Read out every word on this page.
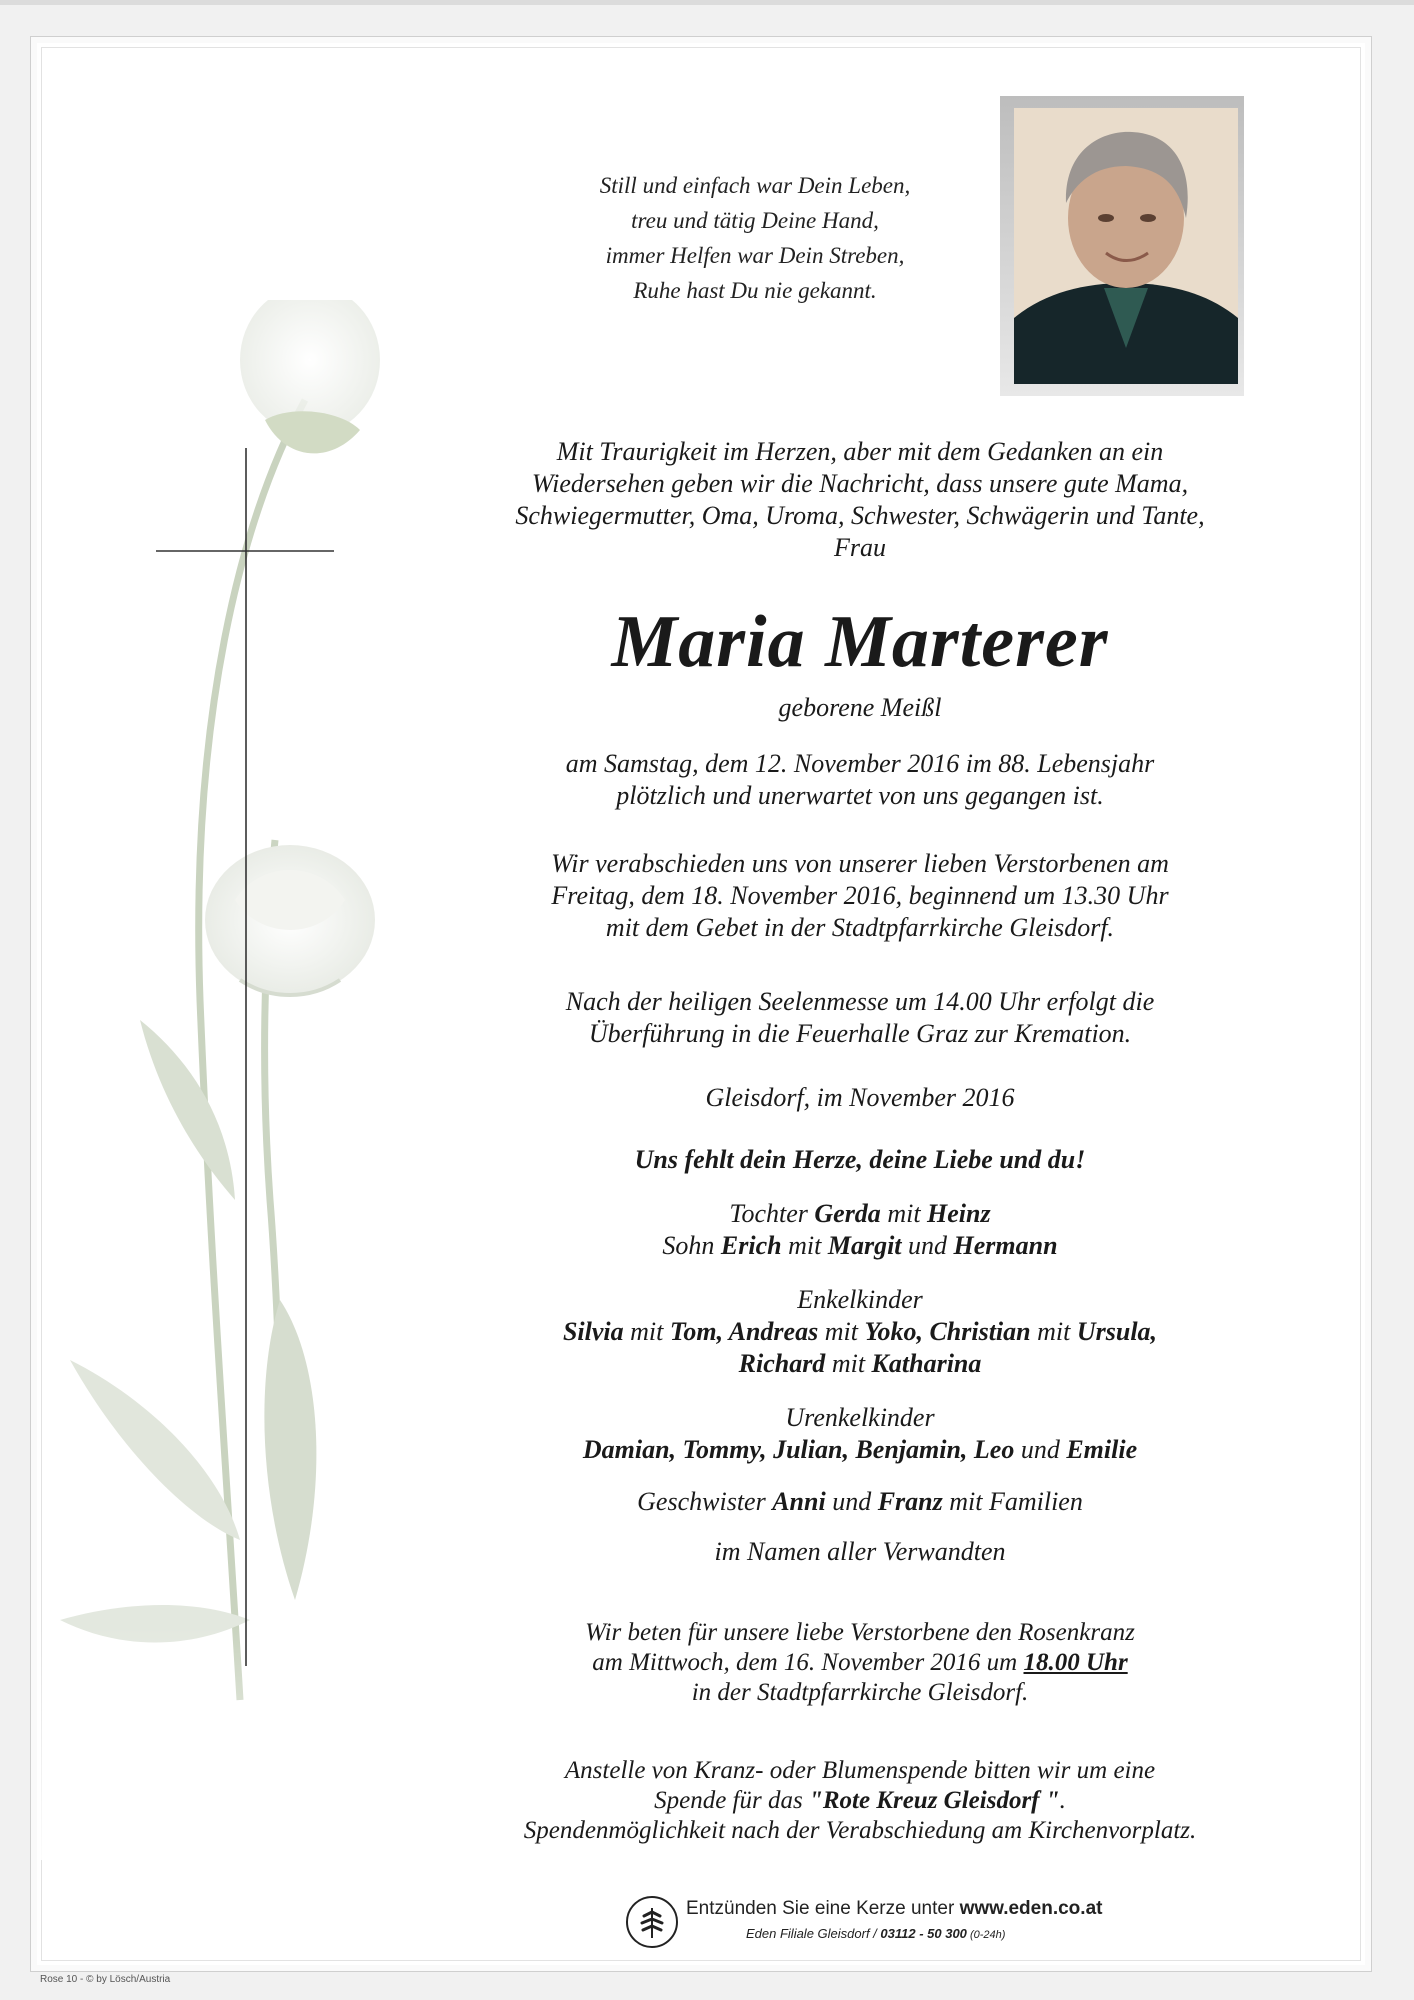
Still und einfach war Dein Leben,
treu und tätig Deine Hand,
immer Helfen war Dein Streben,
Ruhe hast Du nie gekannt.
Mit Traurigkeit im Herzen, aber mit dem Gedanken an ein
Wiedersehen geben wir die Nachricht, dass unsere gute Mama,
Schwiegermutter, Oma, Uroma, Schwester, Schwägerin und Tante,
Frau
Maria Marterer
geborene Meißl
am Samstag, dem 12. November 2016 im 88. Lebensjahr
plötzlich und unerwartet von uns gegangen ist.
Wir verabschieden uns von unserer lieben Verstorbenen am
Freitag, dem 18. November 2016, beginnend um 13.30 Uhr
mit dem Gebet in der Stadtpfarrkirche Gleisdorf.
Nach der heiligen Seelenmesse um 14.00 Uhr erfolgt die
Überführung in die Feuerhalle Graz zur Kremation.
Gleisdorf, im November 2016
Uns fehlt dein Herze, deine Liebe und du!
Tochter Gerda mit Heinz
Sohn Erich mit Margit und Hermann
Enkelkinder
Silvia mit Tom, Andreas mit Yoko, Christian mit Ursula,
Richard mit Katharina
Urenkelkinder
Damian, Tommy, Julian, Benjamin, Leo und Emilie
Geschwister Anni und Franz mit Familien
im Namen aller Verwandten
Wir beten für unsere liebe Verstorbene den Rosenkranz
am Mittwoch, dem 16. November 2016 um 18.00 Uhr
in der Stadtpfarrkirche Gleisdorf.
Anstelle von Kranz- oder Blumenspende bitten wir um eine
Spende für das "Rote Kreuz Gleisdorf ".
Spendenmöglichkeit nach der Verabschiedung am Kirchenvorplatz.
Entzünden Sie eine Kerze unter www.eden.co.at
Eden Filiale Gleisdorf / 03112 - 50 300 (0-24h)
Rose 10 - © by Lösch/Austria
